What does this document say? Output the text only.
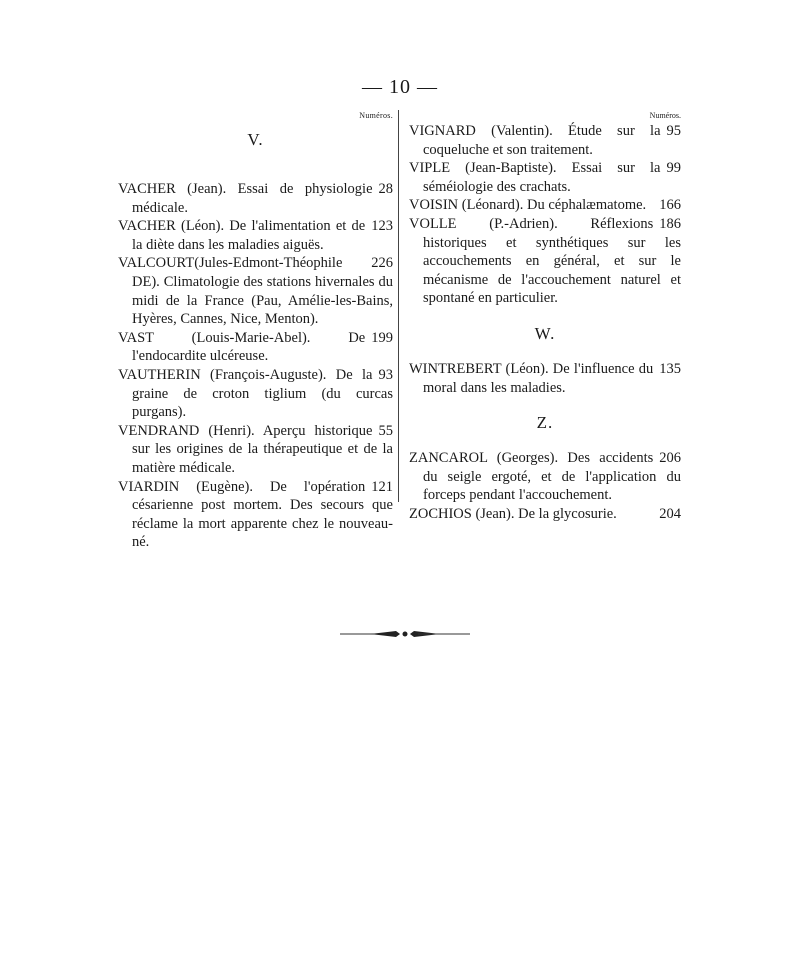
— 10 —
Numéros.
V.
28
VACHER (Jean). Essai de physiologie médicale.
123
VACHER (Léon). De l'alimentation et de la diète dans les maladies aiguës.
226
VALCOURT(Jules-Edmont-Théophile DE). Climatologie des stations hivernales du midi de la France (Pau, Amélie-les-Bains, Hyères, Cannes, Nice, Menton).
199
VAST (Louis-Marie-Abel). De l'endocardite ulcéreuse.
93
VAUTHERIN (François-Auguste). De la graine de croton tiglium (du curcas purgans).
55
VENDRAND (Henri). Aperçu historique sur les origines de la thérapeutique et de la matière médicale.
121
VIARDIN (Eugène). De l'opération césarienne post mortem. Des secours que réclame la mort apparente chez le nouveau-né.
Numéros.
95
VIGNARD (Valentin). Étude sur la coqueluche et son traitement.
99
VIPLE (Jean-Baptiste). Essai sur la séméiologie des crachats.
166
VOISIN (Léonard). Du céphalæmatome.
186
VOLLE (P.-Adrien). Réflexions historiques et synthétiques sur les accouchements en général, et sur le mécanisme de l'accouchement naturel et spontané en particulier.
W.
135
WINTREBERT (Léon). De l'influence du moral dans les maladies.
Z.
206
ZANCAROL (Georges). Des accidents du seigle ergoté, et de l'application du forceps pendant l'accouchement.
204
ZOCHIOS (Jean). De la glycosurie.
